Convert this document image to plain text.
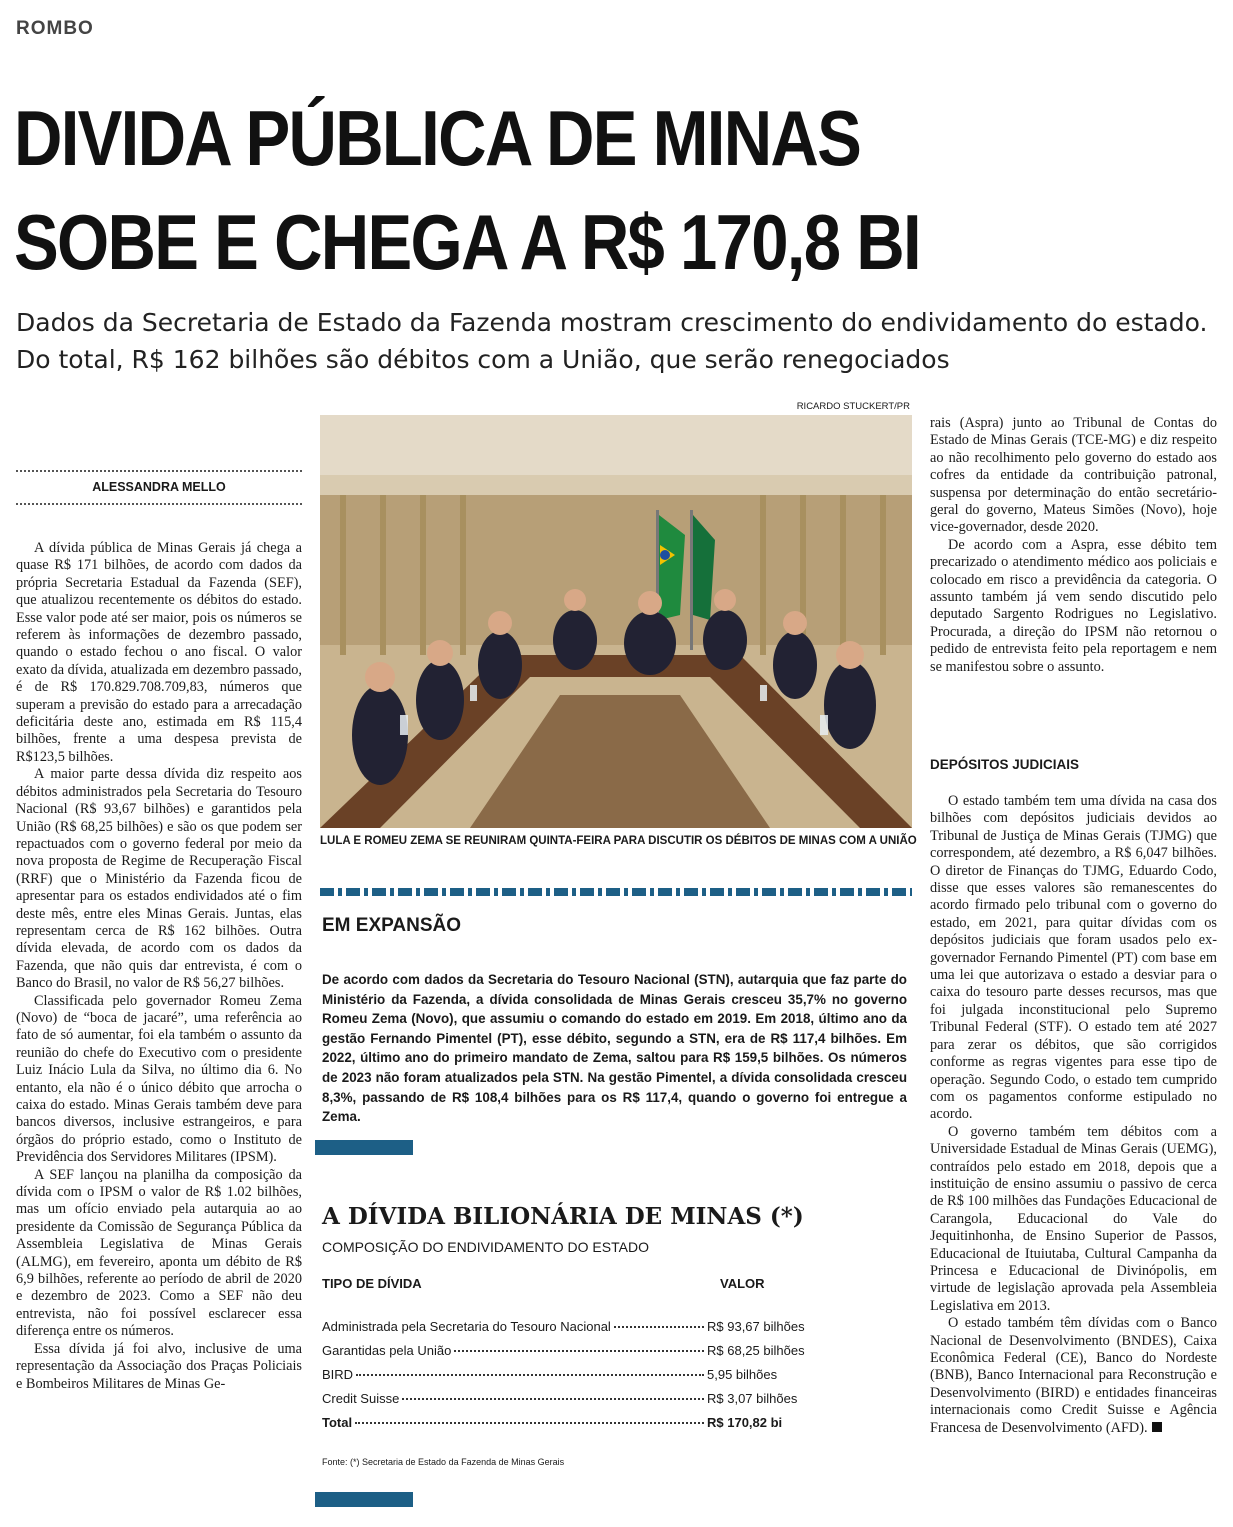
ROMBO
DIVIDA PÚBLICA DE MINAS
SOBE E CHEGA A R$ 170,8 BI
Dados da Secretaria de Estado da Fazenda mostram crescimento do endividamento do estado. Do total, R$ 162 bilhões são débitos com a União, que serão renegociados
ALESSANDRA MELLO

A dívida pública de Minas Gerais já chega a quase R$ 171 bilhões, de acordo com dados da própria Secretaria Estadual da Fazenda (SEF), que atualizou recentemente os débitos do estado. Esse valor pode até ser maior, pois os números se referem às informações de dezembro passado, quando o estado fechou o ano fiscal. O valor exato da dívida, atualizada em dezembro passado, é de R$ 170.829.708.709,83, números que superam a previsão do estado para a arrecadação deficitária deste ano, estimada em R$ 115,4 bilhões, frente a uma despesa prevista de R$123,5 bilhões.

A maior parte dessa dívida diz respeito aos débitos administrados pela Secretaria do Tesouro Nacional (R$ 93,67 bilhões) e garantidos pela União (R$ 68,25 bilhões) e são os que podem ser repactuados com o governo federal por meio da nova proposta de Regime de Recuperação Fiscal (RRF) que o Ministério da Fazenda ficou de apresentar para os estados endividados até o fim deste mês, entre eles Minas Gerais. Juntas, elas representam cerca de R$ 162 bilhões. Outra dívida elevada, de acordo com os dados da Fazenda, que não quis dar entrevista, é com o Banco do Brasil, no valor de R$ 56,27 bilhões.

Classificada pelo governador Romeu Zema (Novo) de “boca de jacaré”, uma referência ao fato de só aumentar, foi ela também o assunto da reunião do chefe do Executivo com o presidente Luiz Inácio Lula da Silva, no último dia 6. No entanto, ela não é o único débito que arrocha o caixa do estado. Minas Gerais também deve para bancos diversos, inclusive estrangeiros, e para órgãos do próprio estado, como o Instituto de Previdência dos Servidores Militares (IPSM).

A SEF lançou na planilha da composição da dívida com o IPSM o valor de R$ 1.02 bilhões, mas um ofício enviado pela autarquia ao ao presidente da Comissão de Segurança Pública da Assembleia Legislativa de Minas Gerais (ALMG), em fevereiro, aponta um débito de R$ 6,9 bilhões, referente ao período de abril de 2020 e dezembro de 2023. Como a SEF não deu entrevista, não foi possível esclarecer essa diferença entre os números.

Essa dívida já foi alvo, inclusive de uma representação da Associação dos Praças Policiais e Bombeiros Militares de Minas Ge-

RICARDO STUCKERT/PR
LULA E ROMEU ZEMA SE REUNIRAM QUINTA-FEIRA PARA DISCUTIR OS DÉBITOS DE MINAS COM A UNIÃO
EM EXPANSÃO
De acordo com dados da Secretaria do Tesouro Nacional (STN), autarquia que faz parte do Ministério da Fazenda, a dívida consolidada de Minas Gerais cresceu 35,7% no governo Romeu Zema (Novo), que assumiu o comando do estado em 2019. Em 2018, último ano da gestão Fernando Pimentel (PT), esse débito, segundo a STN, era de R$ 117,4 bilhões. Em 2022, último ano do primeiro mandato de Zema, saltou para R$ 159,5 bilhões. Os números de 2023 não foram atualizados pela STN. Na gestão Pimentel, a dívida consolidada cresceu 8,3%, passando de R$ 108,4 bilhões para os R$ 117,4, quando o governo foi entregue a Zema.
A DÍVIDA BILIONÁRIA DE MINAS (*)
COMPOSIÇÃO DO ENDIVIDAMENTO DO ESTADO
TIPO DE DÍVIDA	VALOR
Administrada pela Secretaria do Tesouro Nacional	R$ 93,67 bilhões
Garantidas pela União	R$ 68,25 bilhões
BIRD	5,95 bilhões
Credit Suisse	R$ 3,07 bilhões
Total	R$ 170,82 bi
Fonte: (*) Secretaria de Estado da Fazenda de Minas Gerais

rais (Aspra) junto ao Tribunal de Contas do Estado de Minas Gerais (TCE-MG) e diz respeito ao não recolhimento pelo governo do estado aos cofres da entidade da contribuição patronal, suspensa por determinação do então secretário-geral do governo, Mateus Simões (Novo), hoje vice-governador, desde 2020.

De acordo com a Aspra, esse débito tem precarizado o atendimento médico aos policiais e colocado em risco a previdência da categoria. O assunto também já vem sendo discutido pelo deputado Sargento Rodrigues no Legislativo. Procurada, a direção do IPSM não retornou o pedido de entrevista feito pela reportagem e nem se manifestou sobre o assunto.

DEPÓSITOS JUDICIAIS

O estado também tem uma dívida na casa dos bilhões com depósitos judiciais devidos ao Tribunal de Justiça de Minas Gerais (TJMG) que correspondem, até dezembro, a R$ 6,047 bilhões. O diretor de Finanças do TJMG, Eduardo Codo, disse que esses valores são remanescentes do acordo firmado pelo tribunal com o governo do estado, em 2021, para quitar dívidas com os depósitos judiciais que foram usados pelo ex-governador Fernando Pimentel (PT) com base em uma lei que autorizava o estado a desviar para o caixa do tesouro parte desses recursos, mas que foi julgada inconstitucional pelo Supremo Tribunal Federal (STF). O estado tem até 2027 para zerar os débitos, que são corrigidos conforme as regras vigentes para esse tipo de operação. Segundo Codo, o estado tem cumprido com os pagamentos conforme estipulado no acordo.

O governo também tem débitos com a Universidade Estadual de Minas Gerais (UEMG), contraídos pelo estado em 2018, depois que a instituição de ensino assumiu o passivo de cerca de R$ 100 milhões das Fundações Educacional de Carangola, Educacional do Vale do Jequitinhonha, de Ensino Superior de Passos, Educacional de Ituiutaba, Cultural Campanha da Princesa e Educacional de Divinópolis, em virtude de legislação aprovada pela Assembleia Legislativa em 2013.

O estado também têm dívidas com o Banco Nacional de Desenvolvimento (BNDES), Caixa Econômica Federal (CE), Banco do Nordeste (BNB), Banco Internacional para Reconstrução e Desenvolvimento (BIRD) e entidades financeiras internacionais como Credit Suisse e Agência Francesa de Desenvolvimento (AFD).
